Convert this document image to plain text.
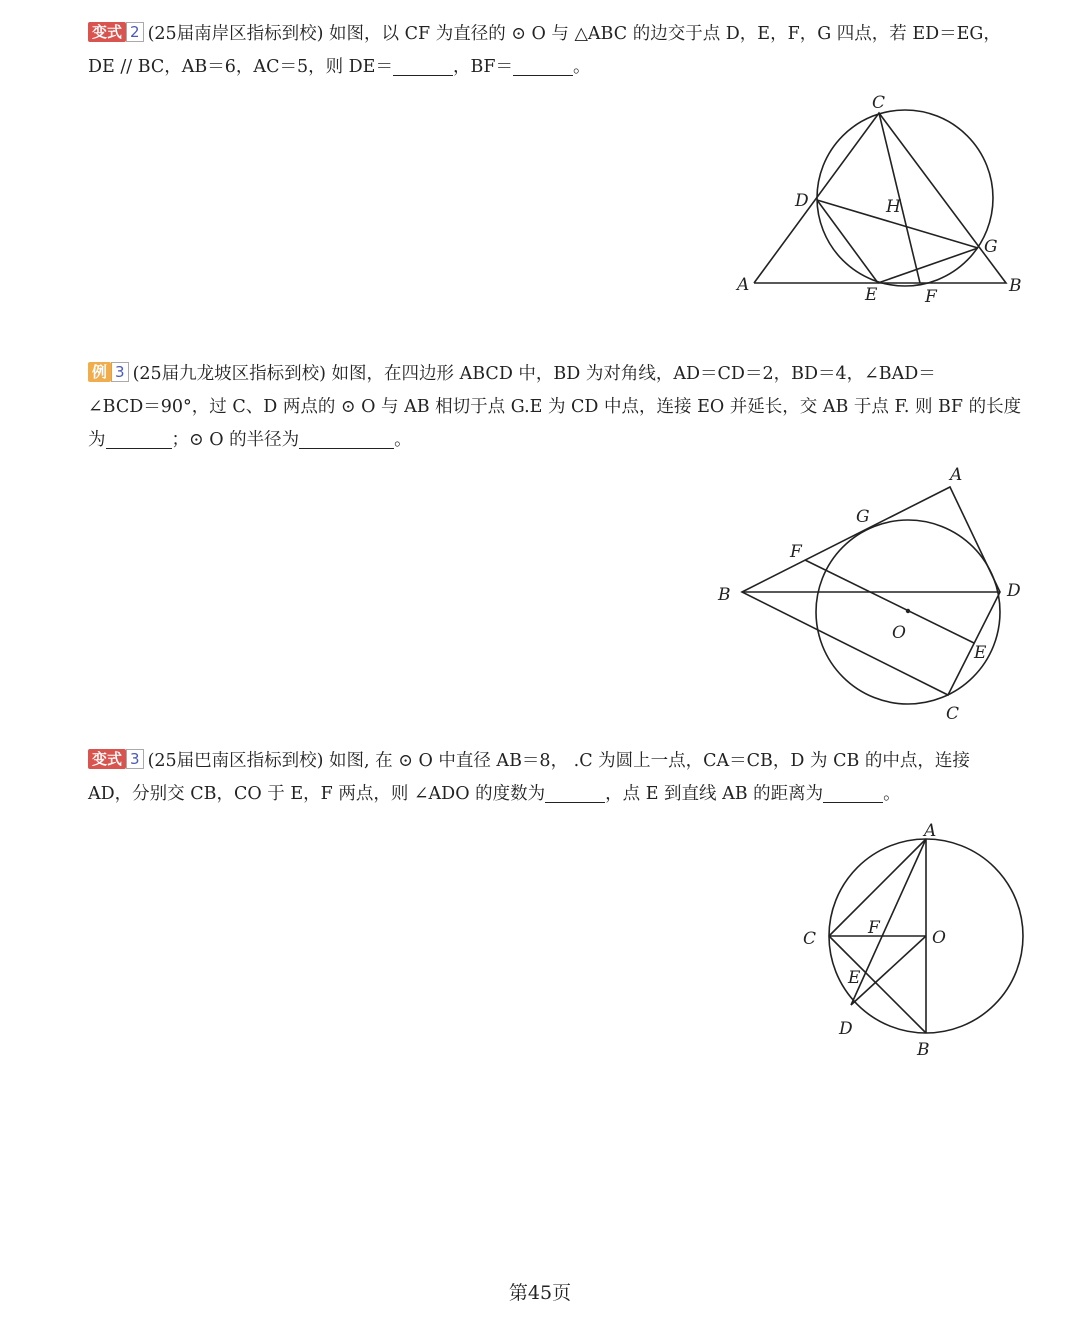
变式 2 (25届南岸区指标到校) 如图，以 CF 为直径的 ⊙ O 与 △ABC 的边交于点 D，E，F，G 四点，若 ED＝EG，
DE // BC，AB＝6，AC＝5，则 DE＝	，BF＝	。
C
D	H
G
A	E	F
B
例 3 (25届九龙坡区指标到校) 如图，在四边形 ABCD 中，BD 为对角线，AD＝CD＝2，BD＝4，∠BAD＝
∠BCD＝90°，过 C、D 两点的 ⊙ O 与 AB 相切于点 G.E 为 CD 中点，连接 EO 并延长，交 AB 于点 F. 则 BF 的长度
为	；⊙ O 的半径为	。
A
G
F
B	D
O
E
C
变式 3 (25届巴南区指标到校) 如图, 在 ⊙ O 中直径 AB＝8， .C 为圆上一点，CA＝CB，D 为 CB 的中点，连接
AD，分别交 CB，CO 于 E，F 两点，则 ∠ADO 的度数为	，点 E 到直线 AB 的距离为	。
A
C
F	O
E
D
B
第45页
